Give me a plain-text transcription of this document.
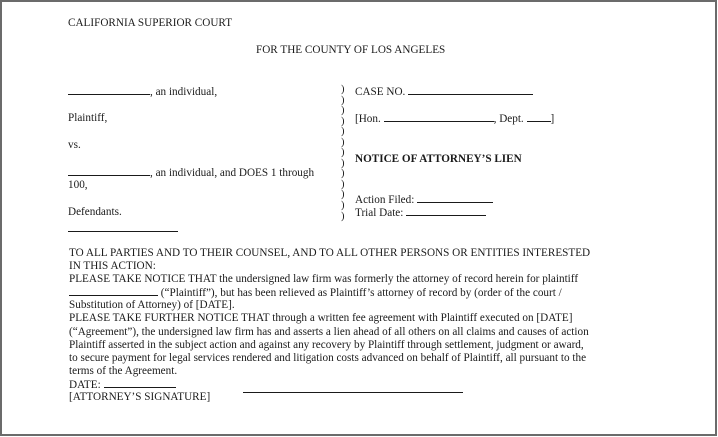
CALIFORNIA SUPERIOR COURT
FOR THE COUNTY OF LOS ANGELES
, an individual,
Plaintiff,
vs.
, an individual, and DOES 1 through
100,
Defendants.
)
)
)
)
)
)
)
)
)
)
)
)
)
CASE NO.
[Hon.	, Dept. ]
NOTICE OF ATTORNEY’S LIEN
Action Filed:
Trial Date:
TO ALL PARTIES AND TO THEIR COUNSEL, AND TO ALL OTHER PERSONS OR ENTITIES INTERESTED
IN THIS ACTION:
PLEASE TAKE NOTICE THAT the undersigned law firm was formerly the attorney of record herein for plaintiff
(“Plaintiff”), but has been relieved as Plaintiff’s attorney of record by (order of the court /
Substitution of Attorney) of [DATE].
PLEASE TAKE FURTHER NOTICE THAT through a written fee agreement with Plaintiff executed on [DATE]
(“Agreement”), the undersigned law firm has and asserts a lien ahead of all others on all claims and causes of action
Plaintiff asserted in the subject action and against any recovery by Plaintiff through settlement, judgment or award,
to secure payment for legal services rendered and litigation costs advanced on behalf of Plaintiff, all pursuant to the
terms of the Agreement.
DATE:
[ATTORNEY’S SIGNATURE]
